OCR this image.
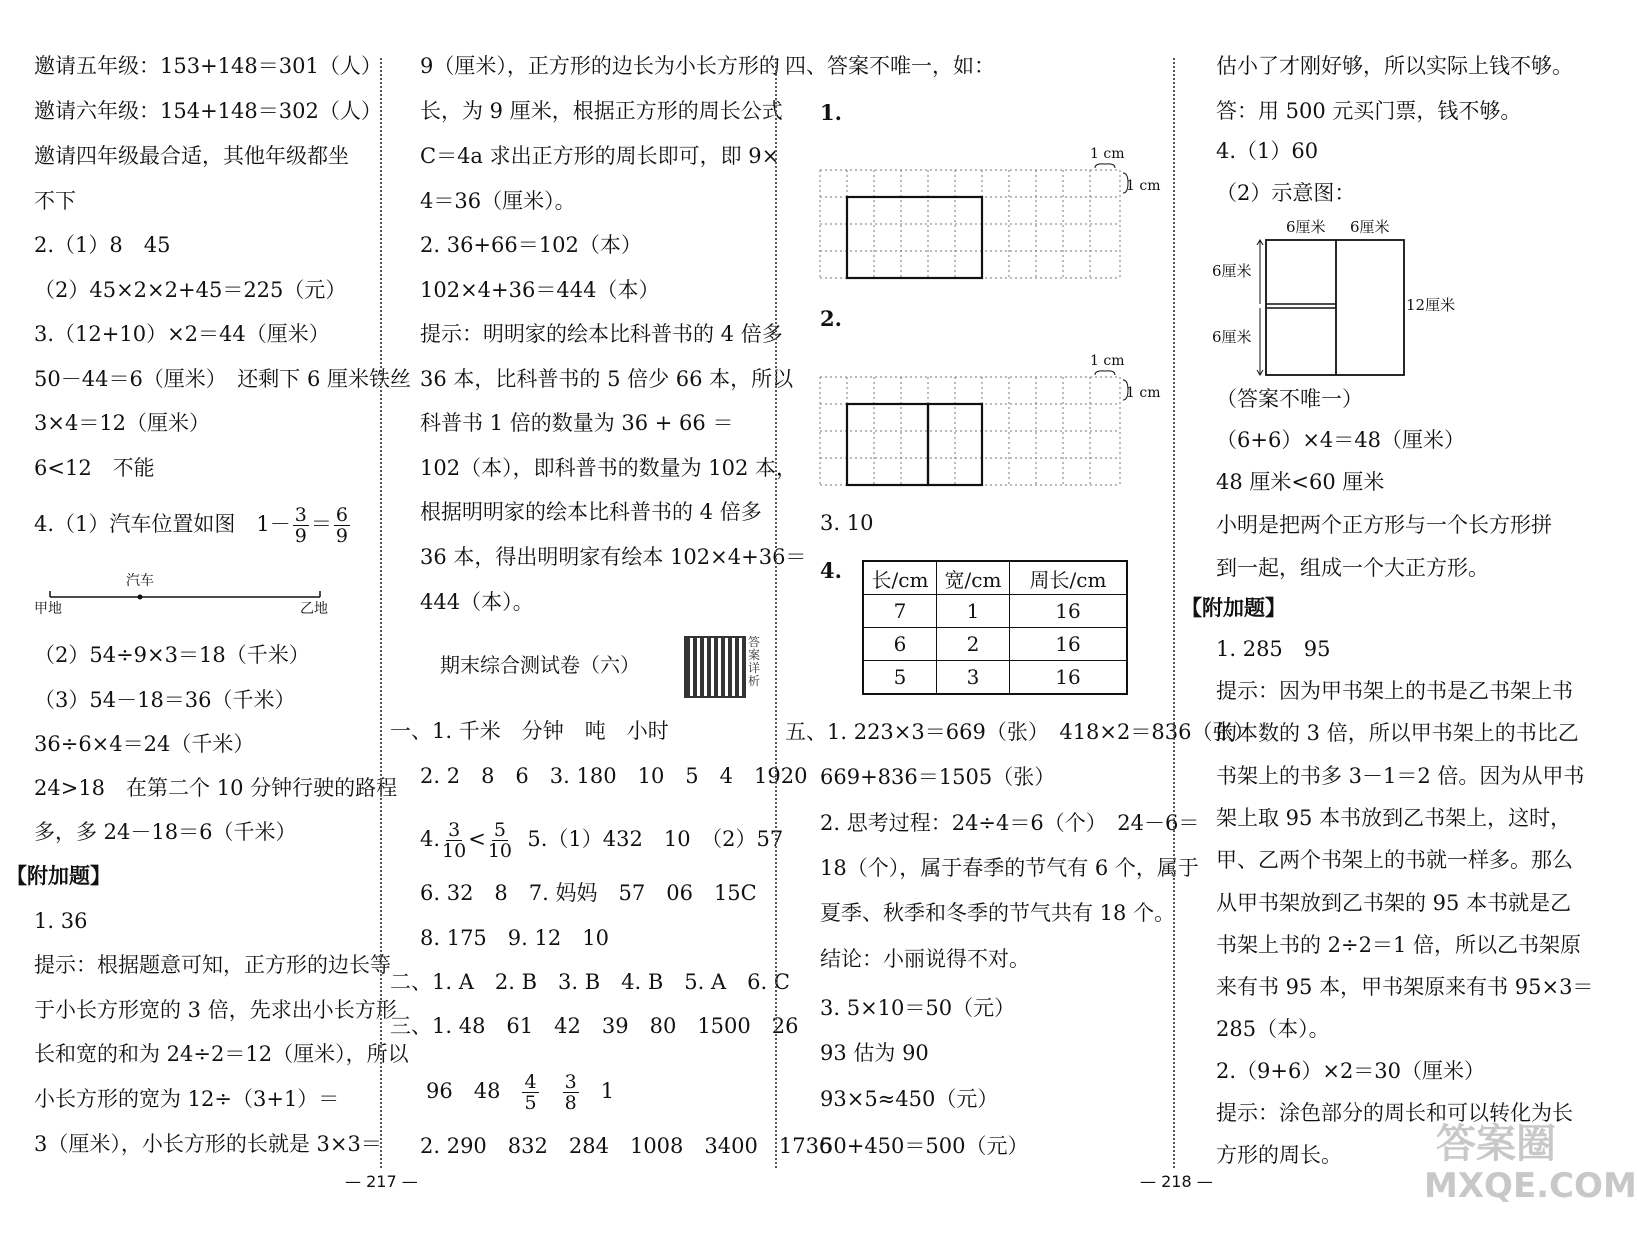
邀请五年级：153+148＝301（人）
邀请六年级：154+148＝302（人）
邀请四年级最合适，其他年级都坐
不下
2.（1）8　45
（2）45×2×2+45＝225（元）
3.（12+10）×2＝44（厘米）
50－44＝6（厘米）　还剩下 6 厘米铁丝
3×4＝12（厘米）
6<12　不能
4.（1）汽车位置如图　$1- \frac{3}{9} = \frac{6}{9}$
汽车
甲地	乙地
（2）54÷9×3＝18（千米）
（3）54－18＝36（千米）
36÷6×4＝24（千米）
24>18　在第二个 10 分钟行驶的路程
多，多 24－18＝6（千米）
【附加题】
1. 36
提示：根据题意可知，正方形的边长等
于小长方形宽的 3 倍，先求出小长方形
长和宽的和为 24÷2＝12（厘米），所以
小长方形的宽为 12÷（3+1）＝
3（厘米），小长方形的长就是 3×3＝
9（厘米），正方形的边长为小长方形的
长，为 9 厘米，根据正方形的周长公式
C＝4a 求出正方形的周长即可，即 9×
4＝36（厘米）。
2. 36+66＝102（本）
102×4+36＝444（本）
提示：明明家的绘本比科普书的 4 倍多
36 本，比科普书的 5 倍少 66 本，所以
科普书 1 倍的数量为 36 + 66 ＝
102（本），即科普书的数量为 102 本，
根据明明家的绘本比科普书的 4 倍多
36 本，得出明明家有绘本 102×4+36＝
444（本）。
期末综合测试卷（六）
答案详析
一、1. 千米　分钟　吨　小时
2. 2　8　6　3. 180　10　5　4　1920
4. $\frac{3}{10} < \frac{5}{10} 5.(1)432$　10　（2）57
6. 32　8　7. 妈妈　57　06　15C
8. 175　9. 12　10
二、1. A　2. B　3. B　4. B　5. A　6. C
三、1. 48　61　42　39　80　1500　26
96　$48 \frac{4}{5}$
$\frac{3}{8} 1$
2. 290　832　284　1008　3400　1736
四、答案不唯一，如：
1.
1 cm
1 cm
2.
1 cm
1 cm
3. 10
4. 长/cm	宽/cm	周长/cm
7	1	16
6	2	16
5	3	16
五、1. 223×3＝669（张）　418×2＝836（张）
669+836＝1505（张）
2. 思考过程：24÷4＝6（个）　24－6＝
18（个），属于春季的节气有 6 个，属于
夏季、秋季和冬季的节气共有 18 个。
结论：小丽说得不对。
3. 5×10＝50（元）
93 估为 90
93×5≈450（元）
50+450＝500（元）
估小了才刚好够，所以实际上钱不够。
答：用 500 元买门票，钱不够。
4.（1）60
（2）示意图：
6厘米 6厘米
6厘米
6厘米
12厘米
（答案不唯一）
（6+6）×4＝48（厘米）
48 厘米<60 厘米
小明是把两个正方形与一个长方形拼
到一起，组成一个大正方形。
【附加题】
1. 285　95
提示：因为甲书架上的书是乙书架上书
的本数的 3 倍，所以甲书架上的书比乙
书架上的书多 3－1＝2 倍。因为从甲书
架上取 95 本书放到乙书架上，这时，
甲、乙两个书架上的书就一样多。那么
从甲书架放到乙书架的 95 本书就是乙
书架上书的 2÷2＝1 倍，所以乙书架原
来有书 95 本，甲书架原来有书 95×3＝
285（本）。
2.（9+6）×2＝30（厘米）
提示：涂色部分的周长和可以转化为长
方形的周长。
— 217 —	— 218 —
答案圈
MXQE.COM
